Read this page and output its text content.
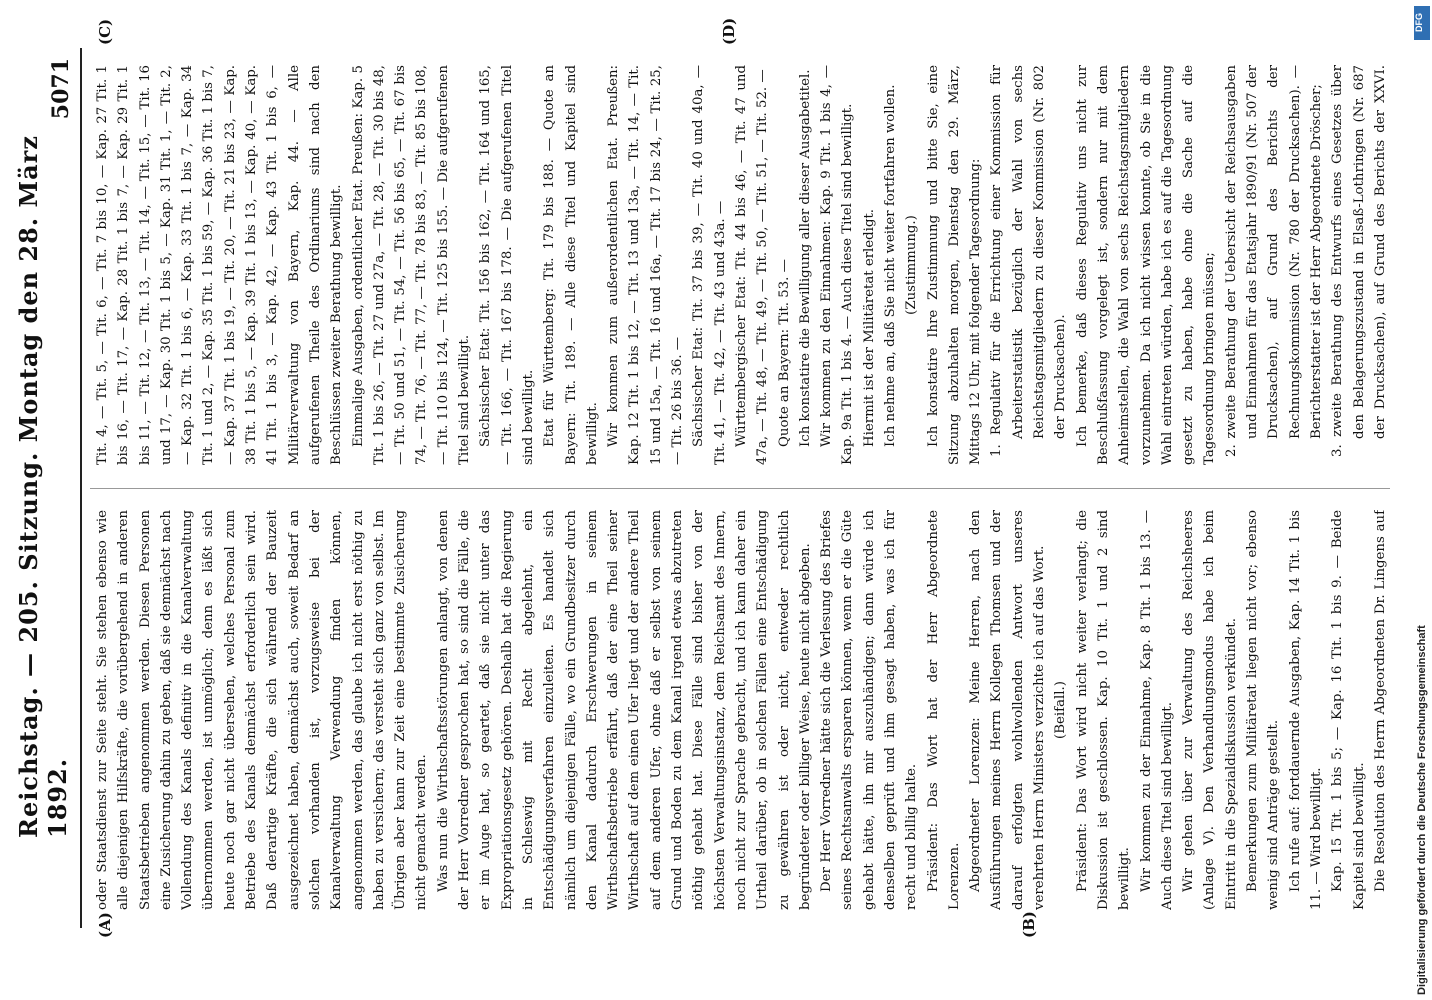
Reichstag. — 205. Sitzung. Montag den 28. März 1892.
5071
(A)	(B)
(C)	(D)

oder Staatsdienst zur Seite steht. Sie stehen ebenso wie alle diejenigen Hilfskräfte, die vorübergehend in anderen Staatsbetrieben angenommen werden. Diesen Personen eine Zusicherung dahin zu geben, daß sie demnächst nach Vollendung des Kanals definitiv in die Kanalverwaltung übernommen werden, ist unmöglich; denn es läßt sich heute noch gar nicht übersehen, welches Personal zum Betriebe des Kanals demnächst erforderlich sein wird. Daß derartige Kräfte, die sich während der Bauzeit ausgezeichnet haben, demnächst auch, soweit Bedarf an solchen vorhanden ist, vorzugsweise bei der Kanalverwaltung Verwendung finden können, angenommen werden, das glaube ich nicht erst nöthig zu haben zu versichern; das versteht sich ganz von selbst. Im Übrigen aber kann zur Zeit eine bestimmte Zusicherung nicht gemacht werden. Was nun die Wirthschaftsstörungen anlangt, von denen der Herr Vorredner gesprochen hat, so sind die Fälle, die er im Auge hat, so geartet, daß sie nicht unter das Expropriationsgesetz gehören. Deshalb hat die Regierung in Schleswig mit Recht abgelehnt, ein Entschädigungsverfahren einzuleiten. Es handelt sich nämlich um diejenigen Fälle, wo ein Grundbesitzer durch den Kanal dadurch Erschwerungen in seinem Wirthschaftsbetriebe erfährt, daß der eine Theil seiner Wirthschaft auf dem einen Ufer liegt und der andere Theil auf dem anderen Ufer, ohne daß er selbst von seinem Grund und Boden zu dem Kanal irgend etwas abzutreten nöthig gehabt hat. Diese Fälle sind bisher von der höchsten Verwaltungsinstanz, dem Reichsamt des Innern, noch nicht zur Sprache gebracht, und ich kann daher ein Urtheil darüber, ob in solchen Fällen eine Entschädigung zu gewähren ist oder nicht, entweder rechtlich begründeter oder billiger Weise, heute nicht abgeben. Der Herr Vorredner hätte sich die Verlesung des Briefes seines Rechtsanwalts ersparen können, wenn er die Güte gehabt hätte, ihn mir auszuhändigen; dann würde ich denselben geprüft und ihm gesagt haben, was ich für recht und billig halte. Präsident: Das Wort hat der Herr Abgeordnete Lorenzen. Abgeordneter Lorenzen: Meine Herren, nach den Ausführungen meines Herrn Kollegen Thomsen und der darauf erfolgten wohlwollenden Antwort unseres verehrten Herrn Ministers verzichte ich auf das Wort. (Beifall.) Präsident: Das Wort wird nicht weiter verlangt; die Diskussion ist geschlossen. Kap. 10 Tit. 1 und 2 sind bewilligt. Wir kommen zu der Einnahme, Kap. 8 Tit. 1 bis 13. — Auch diese Titel sind bewilligt. Wir gehen über zur Verwaltung des Reichsheeres (Anlage V). Den Verhandlungsmodus habe ich beim Eintritt in die Spezialdiskussion verkündet. Bemerkungen zum Militäretat liegen nicht vor; ebenso wenig sind Anträge gestellt. Ich rufe auf: fortdauernde Ausgaben, Kap. 14 Tit. 1 bis 11. — Wird bewilligt. Kap. 15 Tit. 1 bis 5; — Kap. 16 Tit. 1 bis 9. — Beide Kapitel sind bewilligt. Die Resolution des Herrn Abgeordneten Dr. Lingens auf

Tit. 4, — Tit. 5, — Tit. 6, — Tit. 7 bis 10, — Kap. 27 Tit. 1 bis 16, — Tit. 17, — Kap. 28 Tit. 1 bis 7, — Kap. 29 Tit. 1 bis 11, — Tit. 12, — Tit. 13, — Tit. 14, — Tit. 15, — Tit. 16 und 17, — Kap. 30 Tit. 1 bis 5, — Kap. 31 Tit. 1, — Tit. 2, — Kap. 32 Tit. 1 bis 6, — Kap. 33 Tit. 1 bis 7, — Kap. 34 Tit. 1 und 2, — Kap. 35 Tit. 1 bis 59, — Kap. 36 Tit. 1 bis 7, — Kap. 37 Tit. 1 bis 19, — Tit. 20, — Tit. 21 bis 23, — Kap. 38 Tit. 1 bis 5, — Kap. 39 Tit. 1 bis 13, — Kap. 40, — Kap. 41 Tit. 1 bis 3, — Kap. 42, — Kap. 43 Tit. 1 bis 6, — Militärverwaltung von Bayern, Kap. 44. — Alle aufgerufenen Theile des Ordinariums sind nach den Beschlüssen zweiter Berathung bewilligt. Einmalige Ausgaben, ordentlicher Etat. Preußen: Kap. 5 Tit. 1 bis 26, — Tit. 27 und 27a, — Tit. 28, — Tit. 30 bis 48, — Tit. 50 und 51, — Tit. 54, — Tit. 56 bis 65, — Tit. 67 bis 74, — Tit. 76, — Tit. 77, — Tit. 78 bis 83, — Tit. 85 bis 108, — Tit. 110 bis 124, — Tit. 125 bis 155. — Die aufgerufenen Titel sind bewilligt. Sächsischer Etat: Tit. 156 bis 162, — Tit. 164 und 165, — Tit. 166, — Tit. 167 bis 178. — Die aufgerufenen Titel sind bewilligt. Etat für Württemberg: Tit. 179 bis 188. — Quote an Bayern: Tit. 189. — Alle diese Titel und Kapitel sind bewilligt. Wir kommen zum außerordentlichen Etat. Preußen: Kap. 12 Tit. 1 bis 12, — Tit. 13 und 13a, — Tit. 14, — Tit. 15 und 15a, — Tit. 16 und 16a, — Tit. 17 bis 24, — Tit. 25, — Tit. 26 bis 36. — Sächsischer Etat: Tit. 37 bis 39, — Tit. 40 und 40a, — Tit. 41, — Tit. 42, — Tit. 43 und 43a. — Württembergischer Etat: Tit. 44 bis 46, — Tit. 47 und 47a, — Tit. 48, — Tit. 49, — Tit. 50, — Tit. 51, — Tit. 52. — Quote an Bayern: Tit. 53. — Ich konstatire die Bewilligung aller dieser Ausgabetitel. Wir kommen zu den Einnahmen: Kap. 9 Tit. 1 bis 4, — Kap. 9a Tit. 1 bis 4. — Auch diese Titel sind bewilligt. Hiermit ist der Militäretat erledigt. Ich nehme an, daß Sie nicht weiter fortfahren wollen. (Zustimmung.) Ich konstatire Ihre Zustimmung und bitte Sie, eine Sitzung abzuhalten morgen, Dienstag den 29. März, Mittags 12 Uhr, mit folgender Tagesordnung: 1. Regulativ für die Errichtung einer Kommission für Arbeiterstatistik bezüglich der Wahl von sechs Reichstagsmitgliedern zu dieser Kommission (Nr. 802 der Drucksachen). Ich bemerke, daß dieses Regulativ uns nicht zur Beschlußfassung vorgelegt ist, sondern nur mit dem Anheimstellen, die Wahl von sechs Reichstagsmitgliedern vorzunehmen. Da ich nicht wissen konnte, ob Sie in die Wahl eintreten würden, habe ich es auf die Tagesordnung gesetzt zu haben, habe ohne die Sache auf die Tagesordnung bringen müssen; 2. zweite Berathung der Uebersicht der Reichsausgaben und Einnahmen für das Etatsjahr 1890/91 (Nr. 507 der Drucksachen), auf Grund des Berichts der Rechnungskommission (Nr. 780 der Drucksachen). — Berichterstatter ist der Herr Abgeordnete Dröscher;

3. zweite Berathung des Entwurfs eines Gesetzes über den Belagerungszustand in Elsaß-Lothringen (Nr. 687 der Drucksachen), auf Grund des Berichts der XXVI.

DFG
Digitalisierung gefördert durch die Deutsche Forschungsgemeinschaft
